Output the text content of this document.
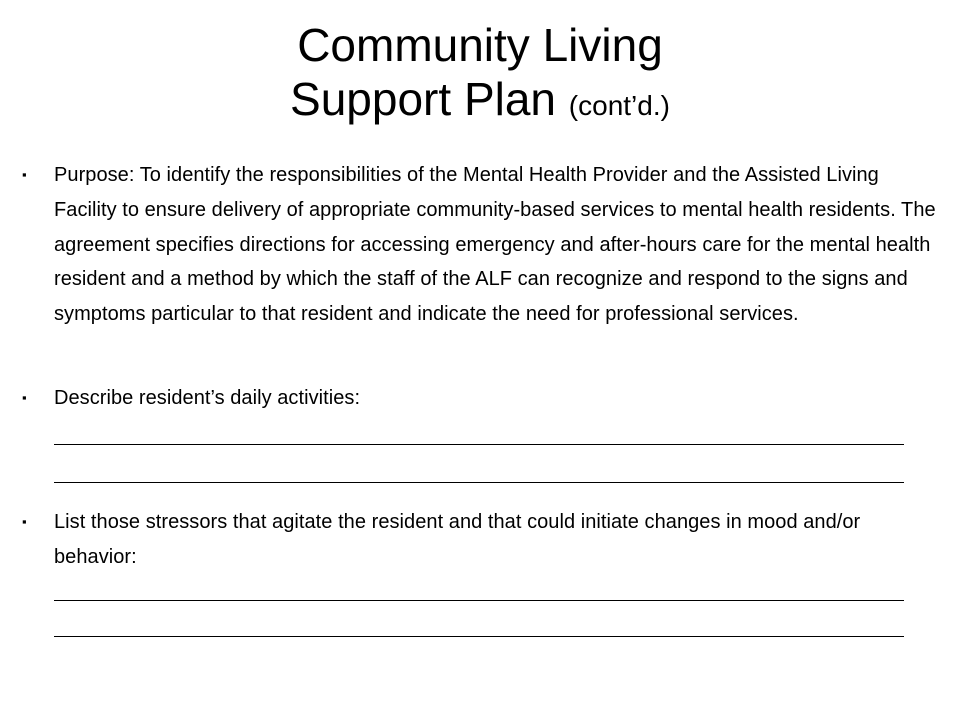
Community Living
Support Plan (cont’d.)
▪	Purpose: To identify the responsibilities of the Mental Health Provider and the Assisted Living Facility to ensure delivery of appropriate community-based services to mental health residents. The agreement specifies directions for accessing emergency and after-hours care for the mental health resident and a method by which the staff of the ALF can recognize and respond to the signs and symptoms particular to that resident and indicate the need for professional services.
▪	Describe resident’s daily activities:
▪	List those stressors that agitate the resident and that could initiate changes in mood and/or behavior:
